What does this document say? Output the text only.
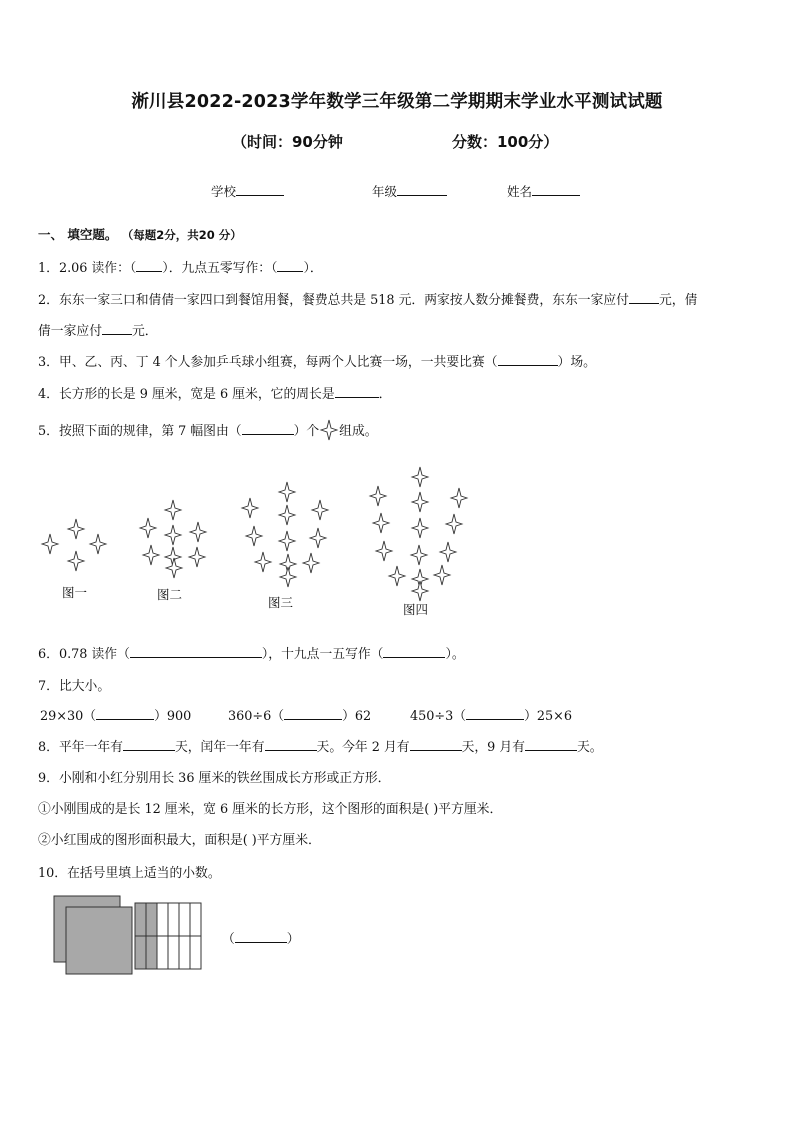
淅川县2022-2023学年数学三年级第二学期期末学业水平测试试题
（时间：90分钟	分数：100分）
学校	年级	姓名
一、 填空题。 （每题2分，共20 分）
1．2.06 读作：（ ）．九点五零写作：（ ）．
2．东东一家三口和倩倩一家四口到餐馆用餐，餐费总共是 518 元．两家按人数分摊餐费，东东一家应付 元，倩
倩一家应付 元．
3．甲、乙、丙、丁 4 个人参加乒乓球小组赛，每两个人比赛一场，一共要比赛（	）场。
4．长方形的长是 9 厘米，宽是 6 厘米，它的周长是	．
5．按照下面的规律，第 7 幅图由（	）个 组成。
图一	图二
图三	图四
6．0.78 读作（	），十九点一五写作（	）。
7．比大小。
29×30（	）900	360÷6（	）62	450÷3（	）25×6
8．平年一年有	天，闰年一年有	天。今年 2 月有	天，9 月有	天。
9．小刚和小红分别用长 36 厘米的铁丝围成长方形或正方形．
①小刚围成的是长 12 厘米，宽 6 厘米的长方形，这个图形的面积是( )平方厘米．
②小红围成的图形面积最大，面积是( )平方厘米．
10．在括号里填上适当的小数。
（	）
